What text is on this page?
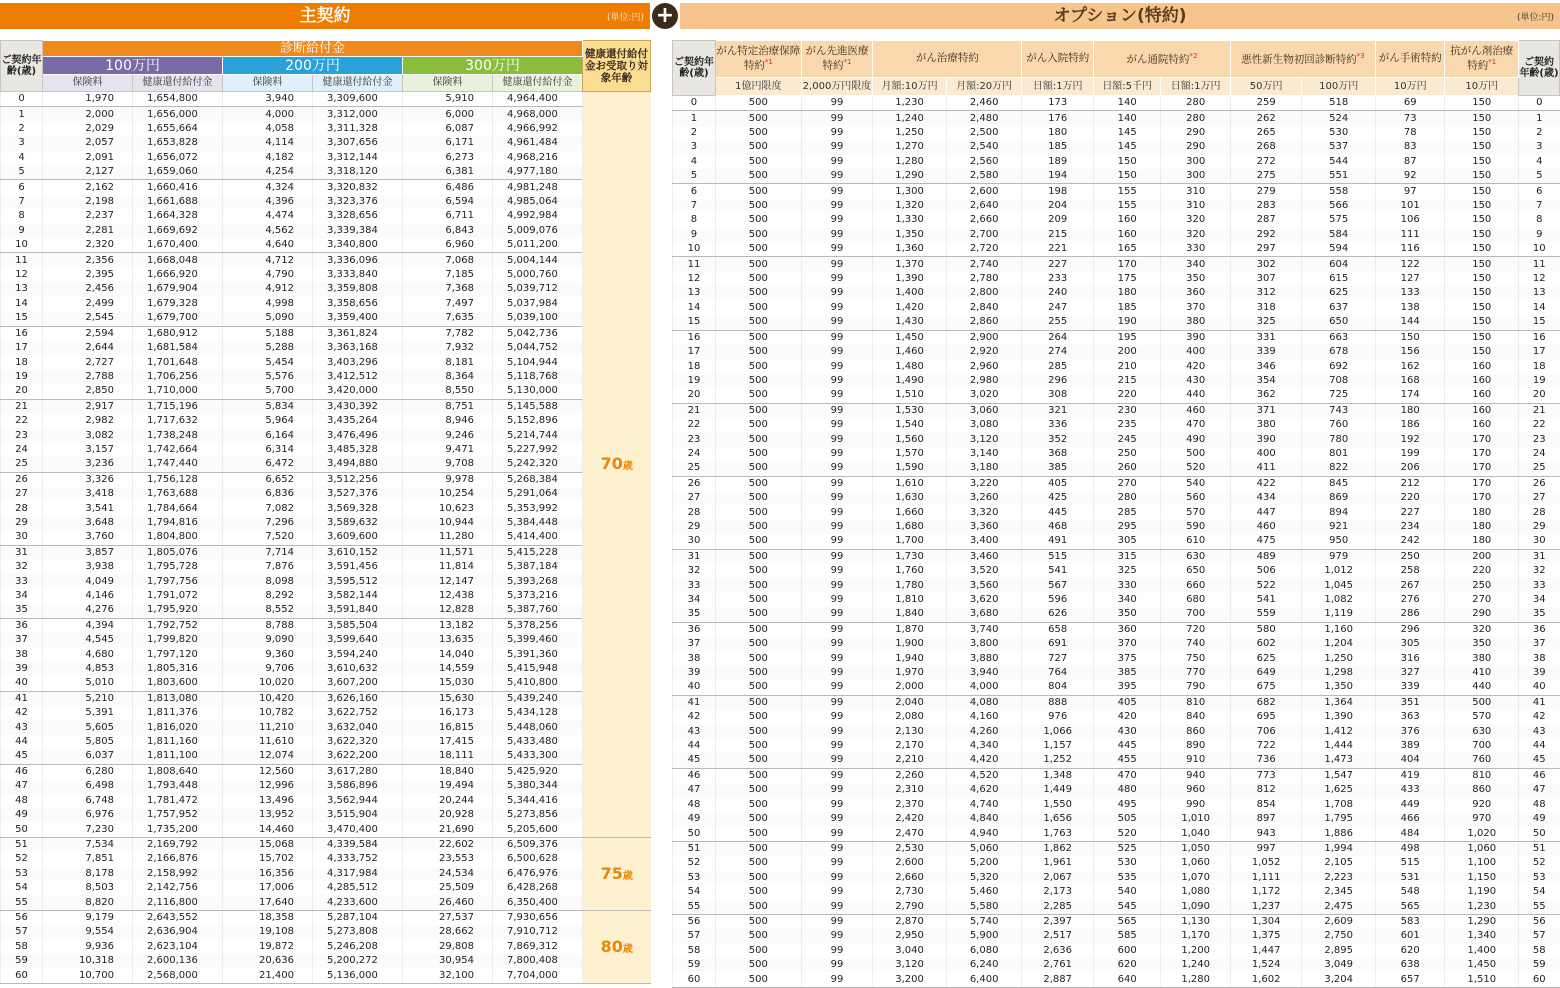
主契約	(単位:円) +	オプション(特約)	(単位:円)
ご契約年齢(歳)	診断給付金						健康還付給付金お受取り対象年齢
	100万円		200万円		300万円		
	保険料	健康還付給付金	保険料	健康還付給付金	保険料	健康還付給付金	
0	1,970	1,654,800	3,940	3,309,600	5,910	4,964,400	70歳
1	2,000	1,656,000	4,000	3,312,000	6,000	4,968,000	
2	2,029	1,655,664	4,058	3,311,328	6,087	4,966,992	
3	2,057	1,653,828	4,114	3,307,656	6,171	4,961,484	
4	2,091	1,656,072	4,182	3,312,144	6,273	4,968,216	
5	2,127	1,659,060	4,254	3,318,120	6,381	4,977,180	
6	2,162	1,660,416	4,324	3,320,832	6,486	4,981,248	
7	2,198	1,661,688	4,396	3,323,376	6,594	4,985,064	
8	2,237	1,664,328	4,474	3,328,656	6,711	4,992,984	
9	2,281	1,669,692	4,562	3,339,384	6,843	5,009,076	
10	2,320	1,670,400	4,640	3,340,800	6,960	5,011,200	
11	2,356	1,668,048	4,712	3,336,096	7,068	5,004,144	
12	2,395	1,666,920	4,790	3,333,840	7,185	5,000,760	
13	2,456	1,679,904	4,912	3,359,808	7,368	5,039,712	
14	2,499	1,679,328	4,998	3,358,656	7,497	5,037,984	
15	2,545	1,679,700	5,090	3,359,400	7,635	5,039,100	
16	2,594	1,680,912	5,188	3,361,824	7,782	5,042,736	
17	2,644	1,681,584	5,288	3,363,168	7,932	5,044,752	
18	2,727	1,701,648	5,454	3,403,296	8,181	5,104,944	
19	2,788	1,706,256	5,576	3,412,512	8,364	5,118,768	
20	2,850	1,710,000	5,700	3,420,000	8,550	5,130,000	
21	2,917	1,715,196	5,834	3,430,392	8,751	5,145,588	
22	2,982	1,717,632	5,964	3,435,264	8,946	5,152,896	
23	3,082	1,738,248	6,164	3,476,496	9,246	5,214,744	
24	3,157	1,742,664	6,314	3,485,328	9,471	5,227,992	
25	3,236	1,747,440	6,472	3,494,880	9,708	5,242,320	
26	3,326	1,756,128	6,652	3,512,256	9,978	5,268,384	
27	3,418	1,763,688	6,836	3,527,376	10,254	5,291,064	
28	3,541	1,784,664	7,082	3,569,328	10,623	5,353,992	
29	3,648	1,794,816	7,296	3,589,632	10,944	5,384,448	
30	3,760	1,804,800	7,520	3,609,600	11,280	5,414,400	
31	3,857	1,805,076	7,714	3,610,152	11,571	5,415,228	
32	3,938	1,795,728	7,876	3,591,456	11,814	5,387,184	
33	4,049	1,797,756	8,098	3,595,512	12,147	5,393,268	
34	4,146	1,791,072	8,292	3,582,144	12,438	5,373,216	
35	4,276	1,795,920	8,552	3,591,840	12,828	5,387,760	
36	4,394	1,792,752	8,788	3,585,504	13,182	5,378,256	
37	4,545	1,799,820	9,090	3,599,640	13,635	5,399,460	
38	4,680	1,797,120	9,360	3,594,240	14,040	5,391,360	
39	4,853	1,805,316	9,706	3,610,632	14,559	5,415,948	
40	5,010	1,803,600	10,020	3,607,200	15,030	5,410,800	
41	5,210	1,813,080	10,420	3,626,160	15,630	5,439,240	
42	5,391	1,811,376	10,782	3,622,752	16,173	5,434,128	
43	5,605	1,816,020	11,210	3,632,040	16,815	5,448,060	
44	5,805	1,811,160	11,610	3,622,320	17,415	5,433,480	
45	6,037	1,811,100	12,074	3,622,200	18,111	5,433,300	
46	6,280	1,808,640	12,560	3,617,280	18,840	5,425,920	
47	6,498	1,793,448	12,996	3,586,896	19,494	5,380,344	
48	6,748	1,781,472	13,496	3,562,944	20,244	5,344,416	
49	6,976	1,757,952	13,952	3,515,904	20,928	5,273,856	
50	7,230	1,735,200	14,460	3,470,400	21,690	5,205,600	
51	7,534	2,169,792	15,068	4,339,584	22,602	6,509,376	75歳
52	7,851	2,166,876	15,702	4,333,752	23,553	6,500,628	
53	8,178	2,158,992	16,356	4,317,984	24,534	6,476,976	
54	8,503	2,142,756	17,006	4,285,512	25,509	6,428,268	
55	8,820	2,116,800	17,640	4,233,600	26,460	6,350,400	
56	9,179	2,643,552	18,358	5,287,104	27,537	7,930,656	80歳
57	9,554	2,636,904	19,108	5,273,808	28,662	7,910,712	
58	9,936	2,623,104	19,872	5,246,208	29,808	7,869,312	
59	10,318	2,600,136	20,636	5,200,272	30,954	7,800,408	
60	10,700	2,568,000	21,400	5,136,000	32,100	7,704,000	
ご契約年齢(歳)	がん特定治療保障特約$^{*1}$	がん先進医療特約$^{*1}$	がん治療特約		がん入院特約	がん通院特約$^{*2}$		悪性新生物初回診断特約$^{*3}$		がん手術特約	抗がん剤治療特約$^{*1}$	ご契約年齢(歳)
	1億円限度	2,000万円限度	月額:10万円	月額:20万円	日額:1万円	日額:5千円	日額:1万円	50万円	100万円	10万円	10万円	
0	500	99	1,230	2,460	173	140	280	259	518	69	150	0
1	500	99	1,240	2,480	176	140	280	262	524	73	150	1
2	500	99	1,250	2,500	180	145	290	265	530	78	150	2
3	500	99	1,270	2,540	185	145	290	268	537	83	150	3
4	500	99	1,280	2,560	189	150	300	272	544	87	150	4
5	500	99	1,290	2,580	194	150	300	275	551	92	150	5
6	500	99	1,300	2,600	198	155	310	279	558	97	150	6
7	500	99	1,320	2,640	204	155	310	283	566	101	150	7
8	500	99	1,330	2,660	209	160	320	287	575	106	150	8
9	500	99	1,350	2,700	215	160	320	292	584	111	150	9
10	500	99	1,360	2,720	221	165	330	297	594	116	150	10
11	500	99	1,370	2,740	227	170	340	302	604	122	150	11
12	500	99	1,390	2,780	233	175	350	307	615	127	150	12
13	500	99	1,400	2,800	240	180	360	312	625	133	150	13
14	500	99	1,420	2,840	247	185	370	318	637	138	150	14
15	500	99	1,430	2,860	255	190	380	325	650	144	150	15
16	500	99	1,450	2,900	264	195	390	331	663	150	150	16
17	500	99	1,460	2,920	274	200	400	339	678	156	150	17
18	500	99	1,480	2,960	285	210	420	346	692	162	160	18
19	500	99	1,490	2,980	296	215	430	354	708	168	160	19
20	500	99	1,510	3,020	308	220	440	362	725	174	160	20
21	500	99	1,530	3,060	321	230	460	371	743	180	160	21
22	500	99	1,540	3,080	336	235	470	380	760	186	160	22
23	500	99	1,560	3,120	352	245	490	390	780	192	170	23
24	500	99	1,570	3,140	368	250	500	400	801	199	170	24
25	500	99	1,590	3,180	385	260	520	411	822	206	170	25
26	500	99	1,610	3,220	405	270	540	422	845	212	170	26
27	500	99	1,630	3,260	425	280	560	434	869	220	170	27
28	500	99	1,660	3,320	445	285	570	447	894	227	180	28
29	500	99	1,680	3,360	468	295	590	460	921	234	180	29
30	500	99	1,700	3,400	491	305	610	475	950	242	180	30
31	500	99	1,730	3,460	515	315	630	489	979	250	200	31
32	500	99	1,760	3,520	541	325	650	506	1,012	258	220	32
33	500	99	1,780	3,560	567	330	660	522	1,045	267	250	33
34	500	99	1,810	3,620	596	340	680	541	1,082	276	270	34
35	500	99	1,840	3,680	626	350	700	559	1,119	286	290	35
36	500	99	1,870	3,740	658	360	720	580	1,160	296	320	36
37	500	99	1,900	3,800	691	370	740	602	1,204	305	350	37
38	500	99	1,940	3,880	727	375	750	625	1,250	316	380	38
39	500	99	1,970	3,940	764	385	770	649	1,298	327	410	39
40	500	99	2,000	4,000	804	395	790	675	1,350	339	440	40
41	500	99	2,040	4,080	888	405	810	682	1,364	351	500	41
42	500	99	2,080	4,160	976	420	840	695	1,390	363	570	42
43	500	99	2,130	4,260	1,066	430	860	706	1,412	376	630	43
44	500	99	2,170	4,340	1,157	445	890	722	1,444	389	700	44
45	500	99	2,210	4,420	1,252	455	910	736	1,473	404	760	45
46	500	99	2,260	4,520	1,348	470	940	773	1,547	419	810	46
47	500	99	2,310	4,620	1,449	480	960	812	1,625	433	860	47
48	500	99	2,370	4,740	1,550	495	990	854	1,708	449	920	48
49	500	99	2,420	4,840	1,656	505	1,010	897	1,795	466	970	49
50	500	99	2,470	4,940	1,763	520	1,040	943	1,886	484	1,020	50
51	500	99	2,530	5,060	1,862	525	1,050	997	1,994	498	1,060	51
52	500	99	2,600	5,200	1,961	530	1,060	1,052	2,105	515	1,100	52
53	500	99	2,660	5,320	2,067	535	1,070	1,111	2,223	531	1,150	53
54	500	99	2,730	5,460	2,173	540	1,080	1,172	2,345	548	1,190	54
55	500	99	2,790	5,580	2,285	545	1,090	1,237	2,475	565	1,230	55
56	500	99	2,870	5,740	2,397	565	1,130	1,304	2,609	583	1,290	56
57	500	99	2,950	5,900	2,517	585	1,170	1,375	2,750	601	1,340	57
58	500	99	3,040	6,080	2,636	600	1,200	1,447	2,895	620	1,400	58
59	500	99	3,120	6,240	2,761	620	1,240	1,524	3,049	638	1,450	59
60	500	99	3,200	6,400	2,887	640	1,280	1,602	3,204	657	1,510	60
